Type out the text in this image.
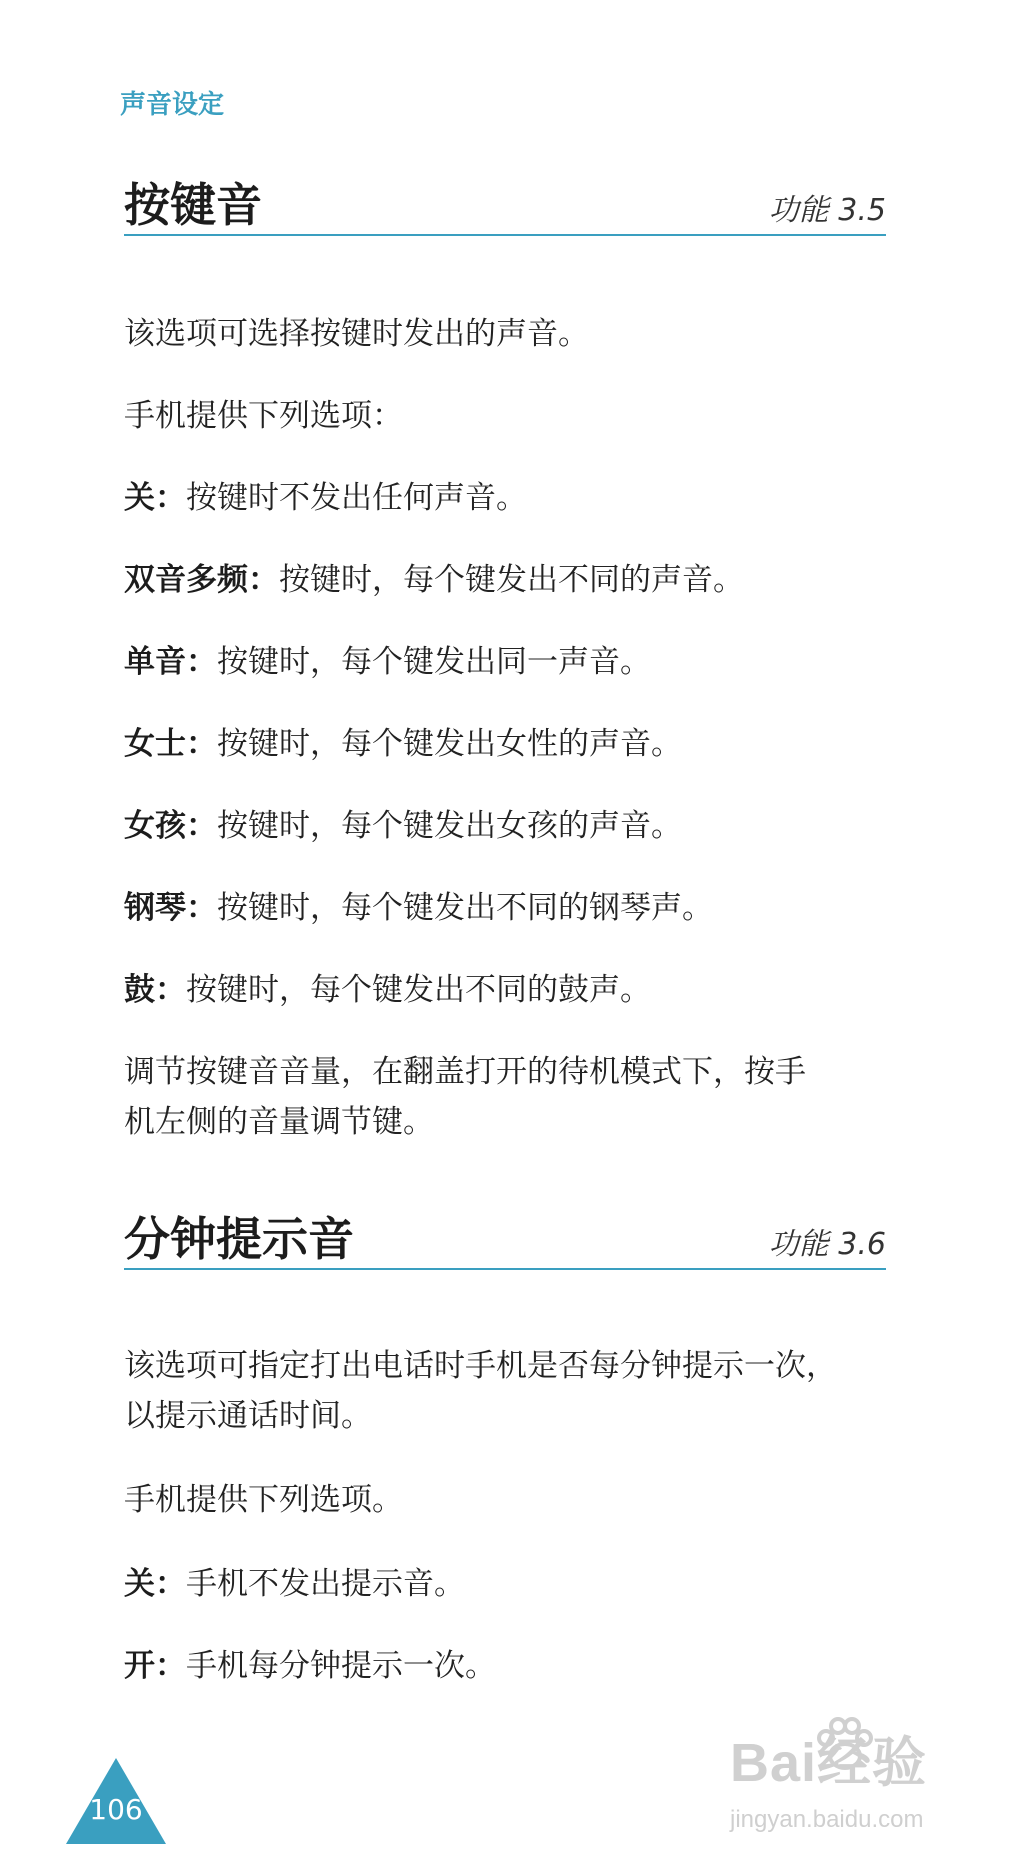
声音设定
按键音	功能 3.5
该选项可选择按键时发出的声音。
手机提供下列选项：
关：按键时不发出任何声音。
双音多频：按键时，每个键发出不同的声音。
单音：按键时，每个键发出同一声音。
女士：按键时，每个键发出女性的声音。
女孩：按键时，每个键发出女孩的声音。
钢琴：按键时，每个键发出不同的钢琴声。
鼓：按键时，每个键发出不同的鼓声。
调节按键音音量，在翻盖打开的待机模式下，按手
机左侧的音量调节键。
分钟提示音	功能 3.6
该选项可指定打出电话时手机是否每分钟提示一次，
以提示通话时间。
手机提供下列选项。
关：手机不发出提示音。
开：手机每分钟提示一次。
106
Bai经验
jingyan.baidu.com
